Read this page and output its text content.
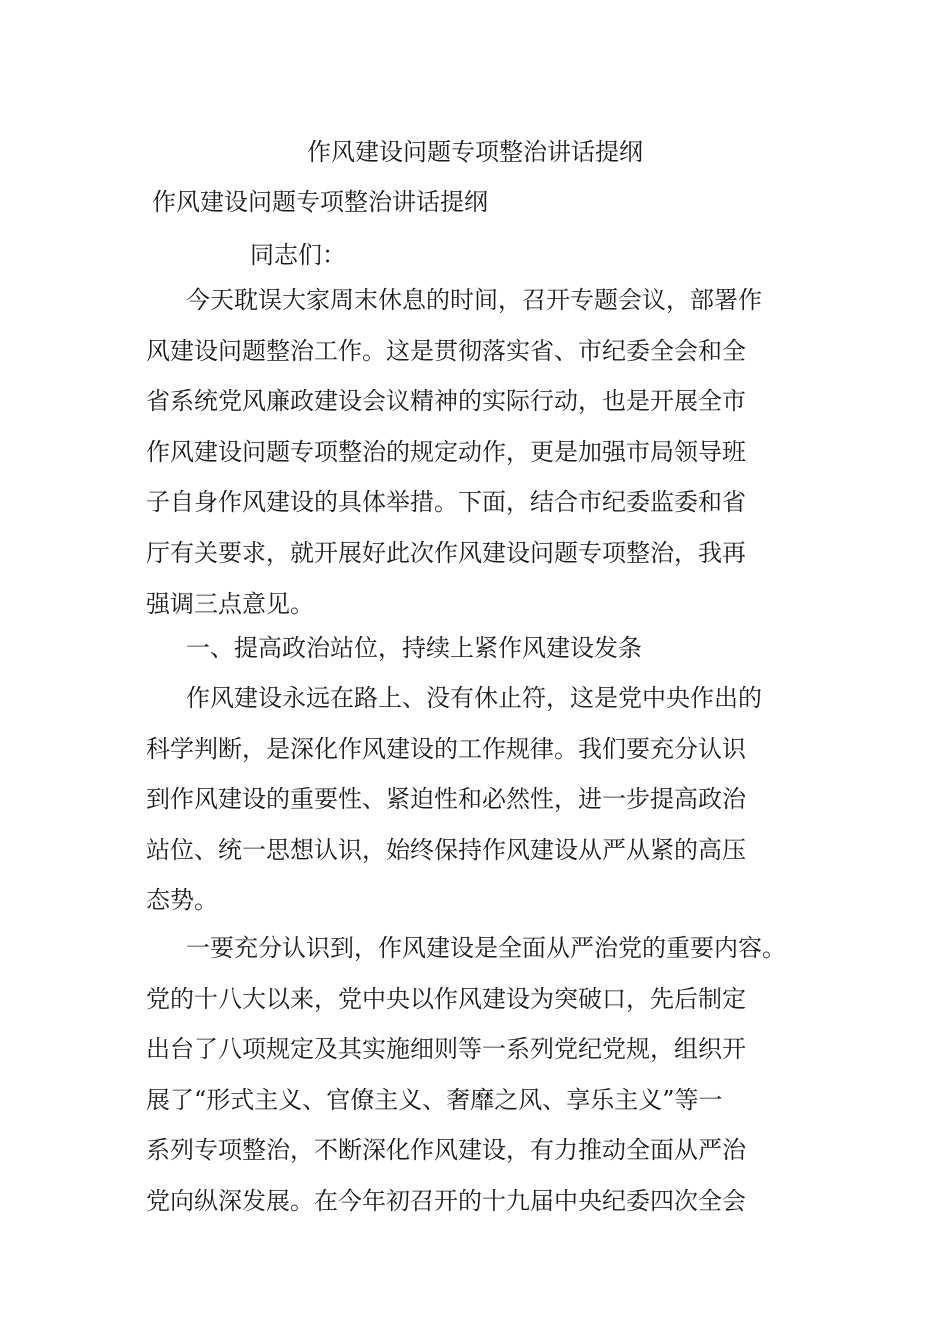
作风建设问题专项整治讲话提纲
作风建设问题专项整治讲话提纲
同志们：
今天耽误大家周末休息的时间，召开专题会议，部署作
风建设问题整治工作。这是贯彻落实省、市纪委全会和全
省系统党风廉政建设会议精神的实际行动，也是开展全市
作风建设问题专项整治的规定动作，更是加强市局领导班
子自身作风建设的具体举措。下面，结合市纪委监委和省
厅有关要求，就开展好此次作风建设问题专项整治，我再
强调三点意见。
一、提高政治站位，持续上紧作风建设发条
作风建设永远在路上、没有休止符，这是党中央作出的
科学判断，是深化作风建设的工作规律。我们要充分认识
到作风建设的重要性、紧迫性和必然性，进一步提高政治
站位、统一思想认识，始终保持作风建设从严从紧的高压
态势。
一要充分认识到，作风建设是全面从严治党的重要内容。
党的十八大以来，党中央以作风建设为突破口，先后制定
出台了八项规定及其实施细则等一系列党纪党规，组织开
展了“形式主义、官僚主义、奢靡之风、享乐主义”等一
系列专项整治，不断深化作风建设，有力推动全面从严治
党向纵深发展。在今年初召开的十九届中央纪委四次全会
